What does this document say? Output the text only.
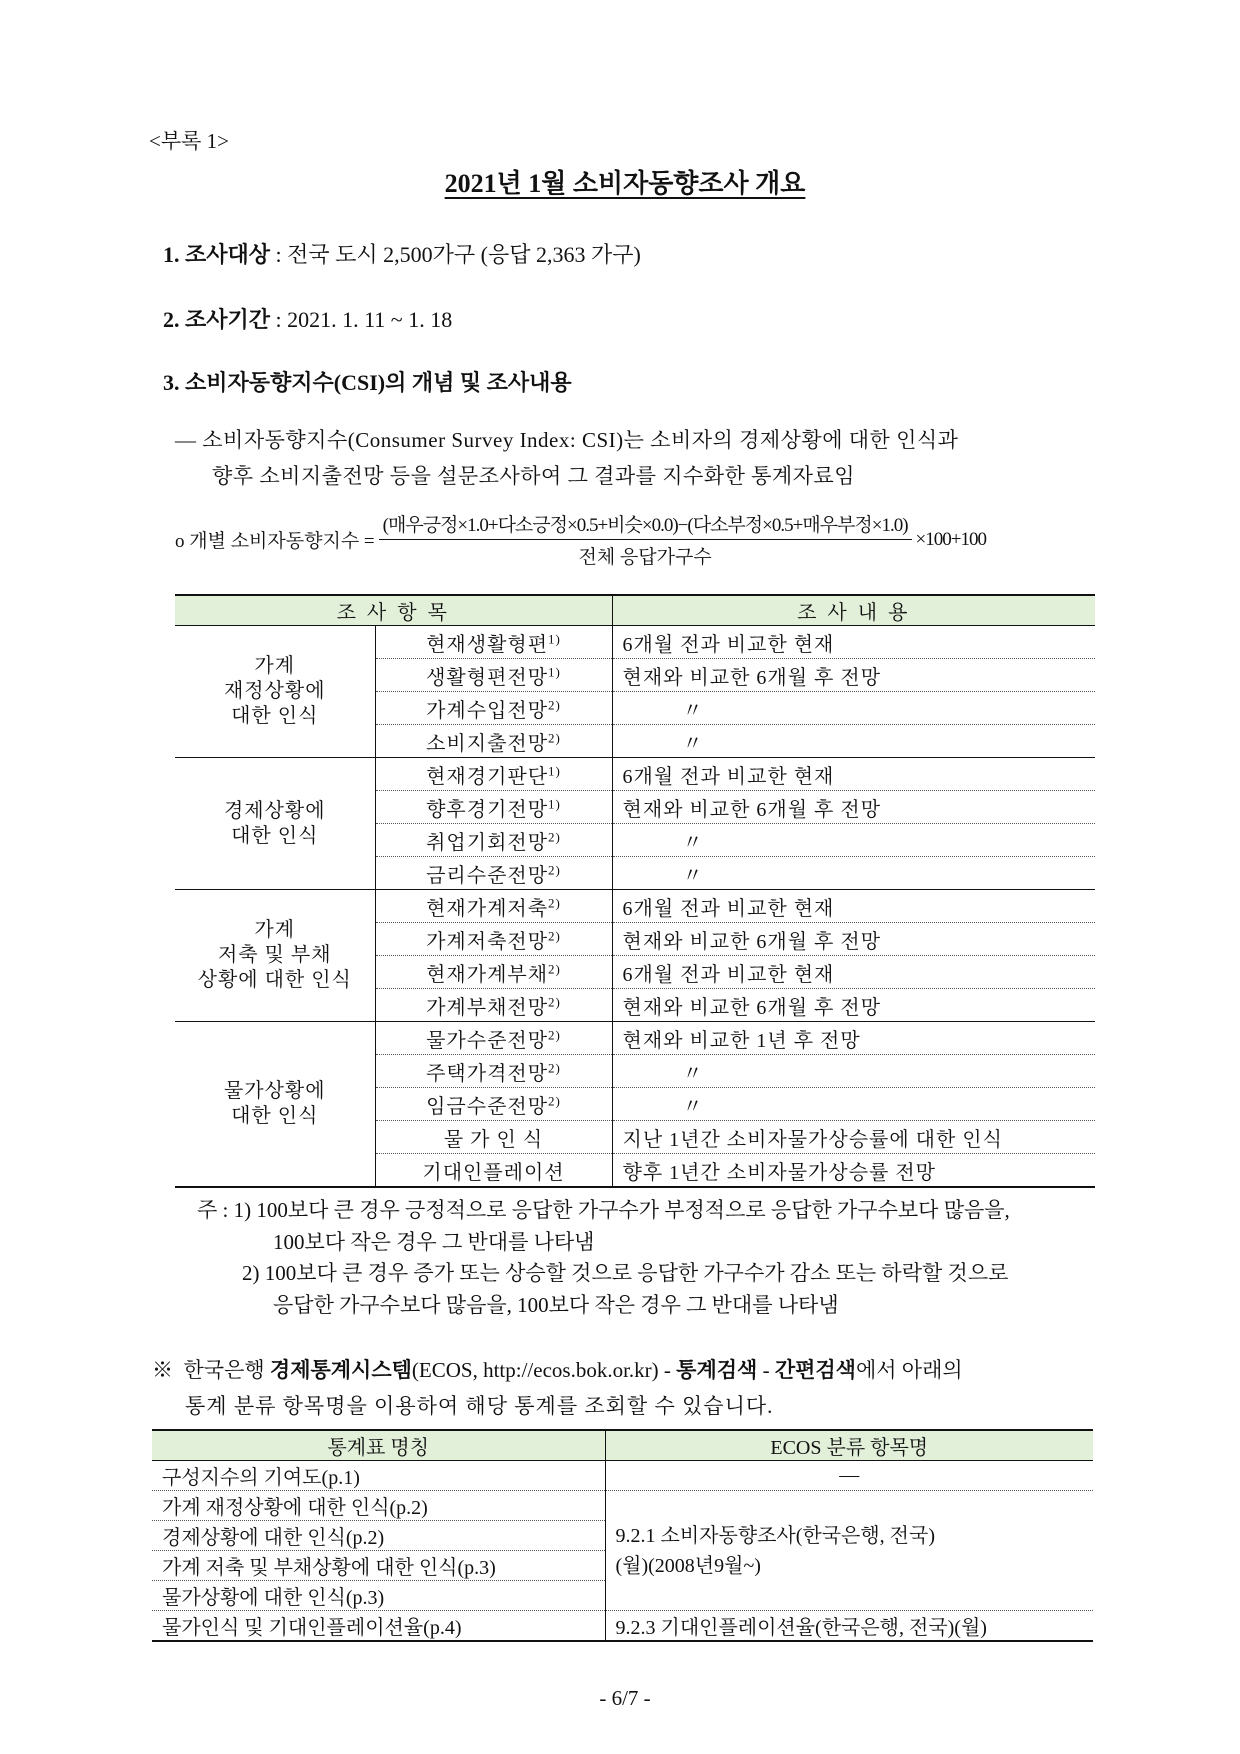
<부록 1>
2021년 1월 소비자동향조사 개요
1. 조사대상 : 전국 도시 2,500가구 (응답 2,363 가구)
2. 조사기간 : 2021. 1. 11 ~ 1. 18
3. 소비자동향지수(CSI)의 개념 및 조사내용
― 소비자동향지수(Consumer Survey Index: CSI)는 소비자의 경제상황에 대한 인식과
향후 소비지출전망 등을 설문조사하여 그 결과를 지수화한 통계자료임
o 개별 소비자동향지수 = $\frac{\text{(매우긍정×1.0+다소긍정×0.5+비슷×0.0)−(다소부정×0.5+매우부정×1.0)}}{\text{전체 응답가구수}} \times 100+100$
조 사 항 목		조 사 내 용
가계
재정상황에
대한 인식	현재생활형편$^{1)}$	6개월 전과 비교한 현재
	생활형편전망$^{1)}$	현재와 비교한 6개월 후 전망
	가계수입전망$^{2)}$	〃
	소비지출전망$^{2)}$	〃
경제상황에
대한 인식	현재경기판단$^{1)}$	6개월 전과 비교한 현재
	향후경기전망$^{1)}$	현재와 비교한 6개월 후 전망
	취업기회전망$^{2)}$	〃
	금리수준전망$^{2)}$	〃
가계
저축 및 부채
상황에 대한 인식	현재가계저축$^{2)}$	6개월 전과 비교한 현재
	가계저축전망$^{2)}$	현재와 비교한 6개월 후 전망
	현재가계부채$^{2)}$	6개월 전과 비교한 현재
	가계부채전망$^{2)}$	현재와 비교한 6개월 후 전망
물가상황에
대한 인식	물가수준전망$^{2)}$	현재와 비교한 1년 후 전망
	주택가격전망$^{2)}$	〃
	임금수준전망$^{2)}$	〃
	물 가 인 식	지난 1년간 소비자물가상승률에 대한 인식
	기대인플레이션	향후 1년간 소비자물가상승률 전망
주 : 1) 100보다 큰 경우 긍정적으로 응답한 가구수가 부정적으로 응답한 가구수보다 많음을,
100보다 작은 경우 그 반대를 나타냄
2) 100보다 큰 경우 증가 또는 상승할 것으로 응답한 가구수가 감소 또는 하락할 것으로
응답한 가구수보다 많음을, 100보다 작은 경우 그 반대를 나타냄
※ 한국은행 경제통계시스템(ECOS, http://ecos.bok.or.kr) - 통계검색 - 간편검색에서 아래의
통계 분류 항목명을 이용하여 해당 통계를 조회할 수 있습니다.
통계표 명칭	ECOS 분류 항목명
구성지수의 기여도(p.1)	―
가계 재정상황에 대한 인식(p.2)	9.2.1 소비자동향조사(한국은행, 전국)
(월)(2008년9월~)
경제상황에 대한 인식(p.2)	
가계 저축 및 부채상황에 대한 인식(p.3)	
물가상황에 대한 인식(p.3)	
물가인식 및 기대인플레이션율(p.4)	9.2.3 기대인플레이션율(한국은행, 전국)(월)
- 6/7 -
